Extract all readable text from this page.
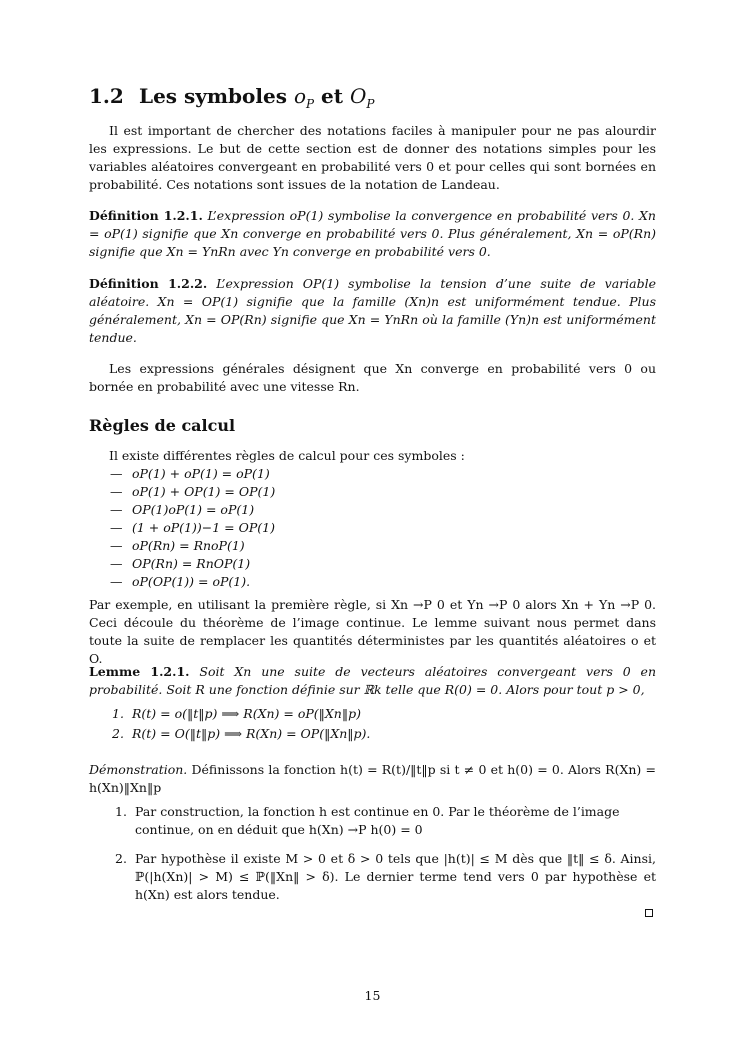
1.2 Les symboles $o_P$ et $O_P$

Il est important de chercher des notations faciles à manipuler pour ne pas alourdir les expressions. Le but de cette section est de donner des notations simples pour les variables aléatoires convergeant en probabilité vers 0 et pour celles qui sont bornées en probabilité. Ces notations sont issues de la notation de Landeau.

Définition 1.2.1. L’expression oP(1) symbolise la convergence en probabilité vers 0. Xn = oP(1) signifie que Xn converge en probabilité vers 0. Plus généralement, Xn = oP(Rn) signifie que Xn = YnRn avec Yn converge en probabilité vers 0.

Définition 1.2.2. L’expression OP(1) symbolise la tension d’une suite de variable aléatoire. Xn = OP(1) signifie que la famille (Xn)n est uniformément tendue. Plus généralement, Xn = OP(Rn) signifie que Xn = YnRn où la famille (Yn)n est uniformément tendue.

Les expressions générales désignent que Xn converge en probabilité vers 0 ou bornée en probabilité avec une vitesse Rn.

Règles de calcul

Il existe différentes règles de calcul pour ces symboles :

— oP(1) + oP(1) = oP(1)
— oP(1) + OP(1) = OP(1)
— OP(1)oP(1) = oP(1)
— (1 + oP(1))−1 = OP(1)
— oP(Rn) = RnoP(1)
— OP(Rn) = RnOP(1)
— oP(OP(1)) = oP(1).

Par exemple, en utilisant la première règle, si Xn →P 0 et Yn →P 0 alors Xn + Yn →P 0. Ceci découle du théorème de l’image continue. Le lemme suivant nous permet dans toute la suite de remplacer les quantités déterministes par les quantités aléatoires o et O.

Lemme 1.2.1. Soit Xn une suite de vecteurs aléatoires convergeant vers 0 en probabilité. Soit R une fonction définie sur ℝk telle que R(0) = 0. Alors pour tout p > 0,

1. R(t) = o(‖t‖p) ⟹ R(Xn) = oP(‖Xn‖p)
2. R(t) = O(‖t‖p) ⟹ R(Xn) = OP(‖Xn‖p).

Démonstration. Définissons la fonction h(t) = R(t)/‖t‖p si t ≠ 0 et h(0) = 0. Alors R(Xn) = h(Xn)‖Xn‖p

1. Par construction, la fonction h est continue en 0. Par le théorème de l’image continue, on en déduit que h(Xn) →P h(0) = 0
2. Par hypothèse il existe M > 0 et δ > 0 tels que |h(t)| ≤ M dès que ‖t‖ ≤ δ. Ainsi, ℙ(|h(Xn)| > M) ≤ ℙ(‖Xn‖ > δ). Le dernier terme tend vers 0 par hypothèse et h(Xn) est alors tendue.

15
